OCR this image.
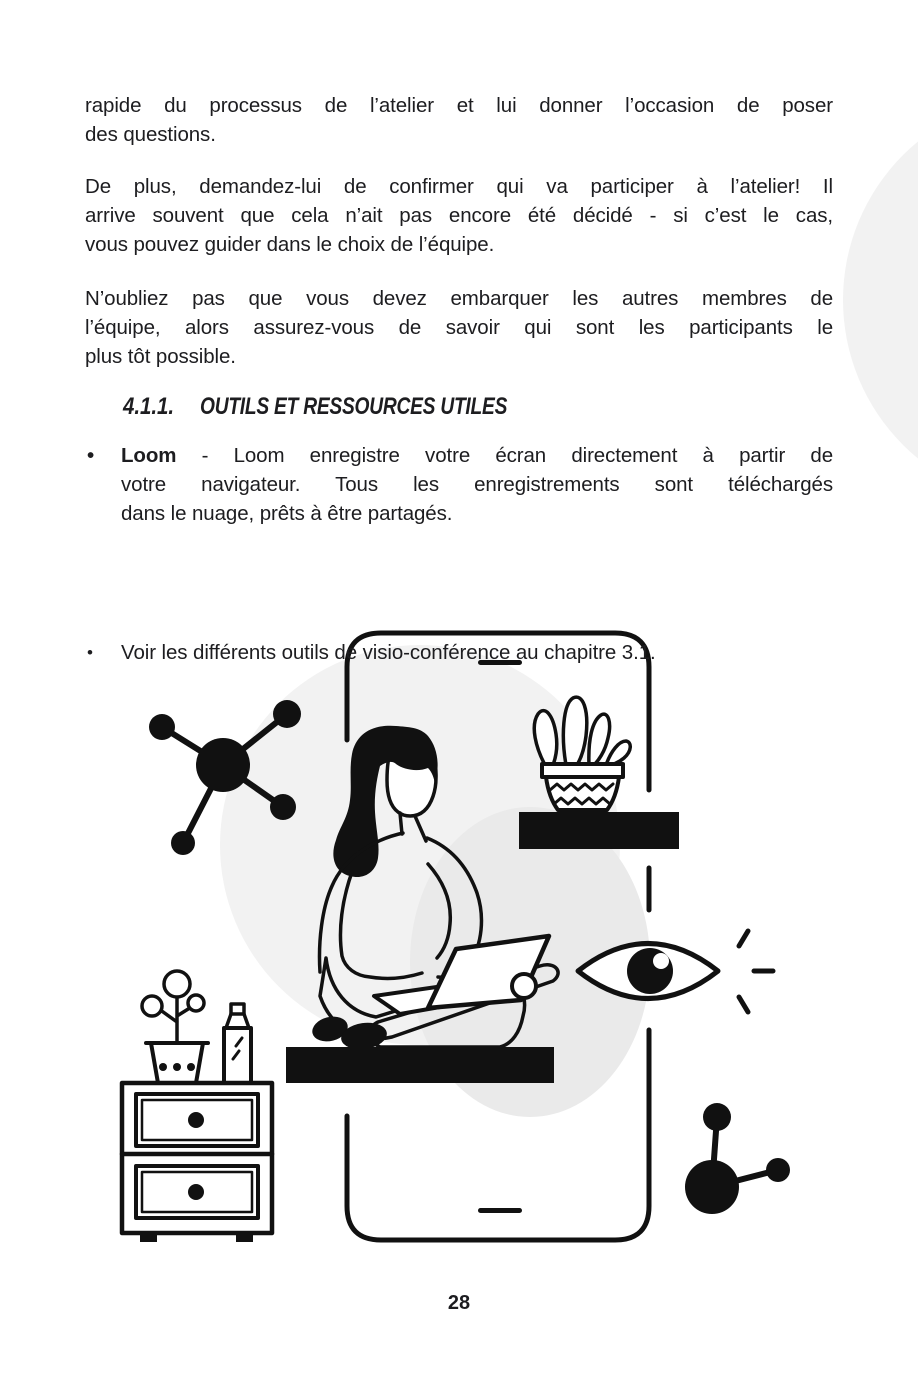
rapide du processus de l’atelier et lui donner l’occasion de poser
des questions.
De plus, demandez-lui de confirmer qui va participer à l’atelier! Il
arrive souvent que cela n’ait pas encore été décidé - si c’est le cas,
vous pouvez guider dans le choix de l’équipe.
N’oubliez pas que vous devez embarquer les autres membres de
l’équipe, alors assurez-vous de savoir qui sont les participants le
plus tôt possible.
4.1.1. OUTILS ET RESSOURCES UTILES
• Loom - Loom enregistre votre écran directement à partir de
votre navigateur. Tous les enregistrements sont téléchargés
dans le nuage, prêts à être partagés.
• Voir les différents outils de visio-conférence au chapitre 3.1.
28
